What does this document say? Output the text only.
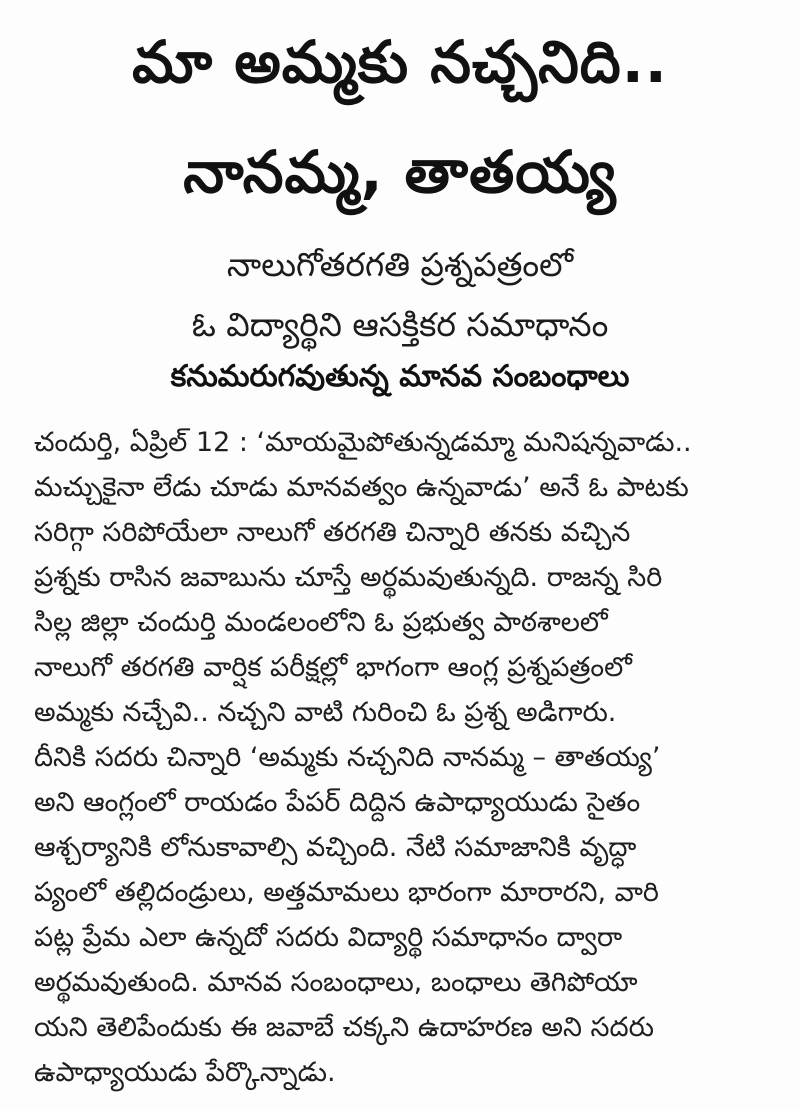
మా అమ్మకు నచ్చనిది..
నానమ్మ, తాతయ్య
నాలుగోతరగతి ప్రశ్నపత్రంలో
ఓ విద్యార్థిని ఆసక్తికర సమాధానం
కనుమరుగవుతున్న మానవ సంబంధాలు
చందుర్తి, ఏప్రిల్ 12 : ‘మాయమైపోతున్నడమ్మా మనిషన్నవాడు..
మచ్చుకైనా లేడు చూడు మానవత్వం ఉన్నవాడు’ అనే ఓ పాటకు
సరిగ్గా సరిపోయేలా నాలుగో తరగతి చిన్నారి తనకు వచ్చిన
ప్రశ్నకు రాసిన జవాబును చూస్తే అర్థమవుతున్నది. రాజన్న సిరి
సిల్ల జిల్లా చందుర్తి మండలంలోని ఓ ప్రభుత్వ పాఠశాలలో
నాలుగో తరగతి వార్షిక పరీక్షల్లో భాగంగా ఆంగ్ల ప్రశ్నపత్రంలో
అమ్మకు నచ్చేవి.. నచ్చని వాటి గురించి ఓ ప్రశ్న అడిగారు.
దీనికి సదరు చిన్నారి ‘అమ్మకు నచ్చనిది నానమ్మ – తాతయ్య’
అని ఆంగ్లంలో రాయడం పేపర్ దిద్దిన ఉపాధ్యాయుడు సైతం
ఆశ్చర్యానికి లోనుకావాల్సి వచ్చింది. నేటి సమాజానికి వృద్ధా
ప్యంలో తల్లిదండ్రులు, అత్తమామలు భారంగా మారారని, వారి
పట్ల ప్రేమ ఎలా ఉన్నదో సదరు విద్యార్థి సమాధానం ద్వారా
అర్థమవుతుంది. మానవ సంబంధాలు, బంధాలు తెగిపోయా
యని తెలిపేందుకు ఈ జవాబే చక్కని ఉదాహరణ అని సదరు
ఉపాధ్యాయుడు పేర్కొన్నాడు.
